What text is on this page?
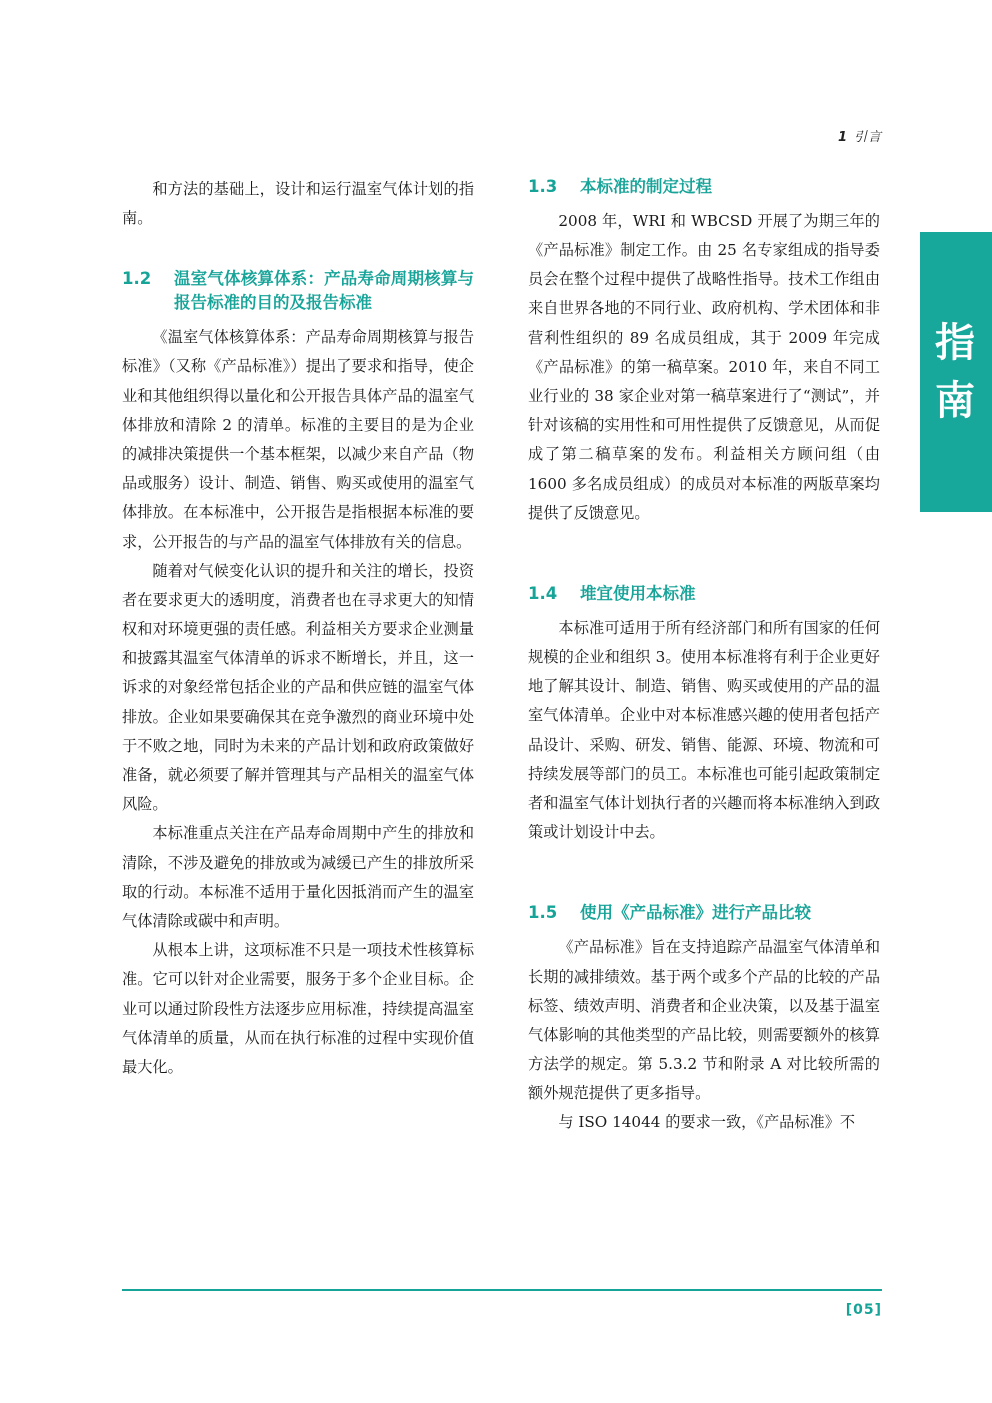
1 引言
指
南

和方法的基础上，设计和运行温室气体计划的指南。

1.2	温室气体核算体系：产品寿命周期核算与报告标准的目的及报告标准

《温室气体核算体系：产品寿命周期核算与报告标准》（又称《产品标准》）提出了要求和指导，使企业和其他组织得以量化和公开报告具体产品的温室气体排放和清除 2 的清单。标准的主要目的是为企业的减排决策提供一个基本框架，以减少来自产品（物品或服务）设计、制造、销售、购买或使用的温室气体排放。在本标准中，公开报告是指根据本标准的要求，公开报告的与产品的温室气体排放有关的信息。

随着对气候变化认识的提升和关注的增长，投资者在要求更大的透明度，消费者也在寻求更大的知情权和对环境更强的责任感。利益相关方要求企业测量和披露其温室气体清单的诉求不断增长，并且，这一诉求的对象经常包括企业的产品和供应链的温室气体排放。企业如果要确保其在竞争激烈的商业环境中处于不败之地，同时为未来的产品计划和政府政策做好准备，就必须要了解并管理其与产品相关的温室气体风险。

本标准重点关注在产品寿命周期中产生的排放和清除，不涉及避免的排放或为减缓已产生的排放所采取的行动。本标准不适用于量化因抵消而产生的温室气体清除或碳中和声明。

从根本上讲，这项标准不只是一项技术性核算标准。它可以针对企业需要，服务于多个企业目标。企业可以通过阶段性方法逐步应用标准，持续提高温室气体清单的质量，从而在执行标准的过程中实现价值最大化。

1.3	本标准的制定过程

2008 年，WRI 和 WBCSD 开展了为期三年的《产品标准》制定工作。由 25 名专家组成的指导委员会在整个过程中提供了战略性指导。技术工作组由来自世界各地的不同行业、政府机构、学术团体和非营利性组织的 89 名成员组成，其于 2009 年完成《产品标准》的第一稿草案。2010 年，来自不同工业行业的 38 家企业对第一稿草案进行了“测试”，并针对该稿的实用性和可用性提供了反馈意见，从而促成了第二稿草案的发布。利益相关方顾问组（由 1600 多名成员组成）的成员对本标准的两版草案均提供了反馈意见。

1.4	堆宜使用本标准

本标准可适用于所有经济部门和所有国家的任何规模的企业和组织 3。使用本标准将有利于企业更好地了解其设计、制造、销售、购买或使用的产品的温室气体清单。企业中对本标准感兴趣的使用者包括产品设计、采购、研发、销售、能源、环境、物流和可持续发展等部门的员工。本标准也可能引起政策制定者和温室气体计划执行者的兴趣而将本标准纳入到政策或计划设计中去。

1.5	使用《产品标准》进行产品比较

《产品标准》旨在支持追踪产品温室气体清单和长期的减排绩效。基于两个或多个产品的比较的产品标签、绩效声明、消费者和企业决策，以及基于温室气体影响的其他类型的产品比较，则需要额外的核算方法学的规定。第 5.3.2 节和附录 A 对比较所需的额外规范提供了更多指导。

与 ISO 14044 的要求一致，《产品标准》不

[05]
